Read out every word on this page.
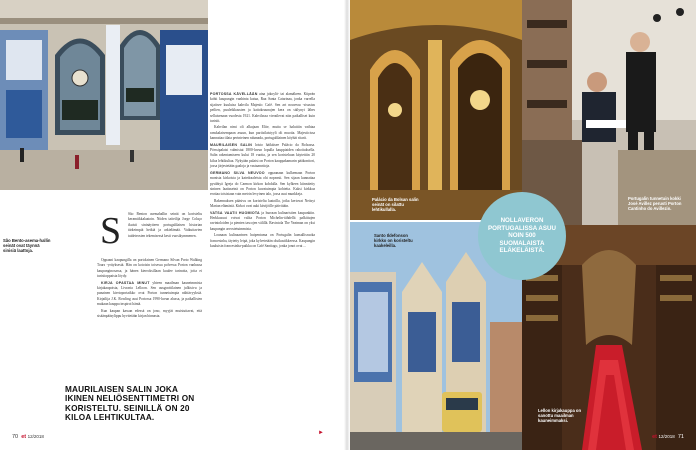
São Bento-asema-hallin seinät ovat täynnä sinisiä laattoja.	S São Benton asemahallin seinät on koristeltu keramiikkalaatoin. Niiden taiteilija Jorge Colaço ikuisti sininäytteen portugalilaisen historian tärkeimpiä hetkiä ja arkielämää. Vaikuttavien taideteosten tekemisessä kesti vuosikymmenen.

Oppaani kaupungilla on portolainen Germano Silvan Porto Walking Tours -yrityksestä. Hän on kotoisin toisessa polvessa Porton vanhassa kaupunginosassa, ja hänen kierroksillaan kuulee tarinoita, joita ei turistioppaista löydy.

KIRJA OPASTAA MINUT yhteen maailman kauneimmista kirjakaupoista, Livraria Lelloon. Sen uusgoottilainen julkisivu ja punainen kiertoportaikko ovat Porton tunnetuimpia nähtävyyksiä. Kirjailija J.K. Rowling asui Portossa 1990-luvun alussa, ja paikallisten mukaan kauppa inspiroi häntä.

Kun kaupan kassan edessä on jono, myyjät muistuttavat, että sisäänpääsylippu hyvitetään kirjan hinnasta.

MAURILAISEN SALIN JOKA IKINEN NELIÖSENTTIMETRI ON KORISTELTU. SEINILLÄ ON 20 KILOA LEHTIKULTAA.

PORTOSSA KÄVELLÄÄN aina jokoylä- tai alamäkeen. Kiipeän kohti kaupungin vanhinta katua, Rua Santa Catarinaa, jonka varrella sijaitsee kuuluisa kahvila Majestic Café. Sen art nouveau -sisustus peilien, puuleikkausten ja kattokruunujen kera on säilynyt lähes sellaisenaan vuodesta 1921. Kahvilassa vierailevat niin paikalliset kuin turistit.

Kahvilan nimi oli alkujaan Elite, mutta se haluttiin vaihtaa ranskalaisempaan asuun, kun pariisilaistyyli oli muotia. Majesticissa kannattaa tilata perinteinen rabanada, portugalilainen köyhät ritarit.

MAURILAISEN SALIN loisto häikäisee Palácio da Bolsassa. Pörssipalatsi valmistui 1800-luvun lopulla kauppiaiden rahoituksella. Salin rakentamiseen kului 18 vuotta, ja sen koristeluun käytettiin 20 kiloa lehtikultaa. Nykyään palatsi on Porton kauppakamarin pääkonttori, jossa järjestetään gaaloja ja vastaanottoja.

GERMANO SILVA NEUVOO oppaanaan kulkemaan Porton monista kirkoista ja katedraaleista ohi nopeasti. Sen sijaan kannattaa pysähtyä Igreja do Carmon kirkon kohdalla. Sen kylkeen kiinnitetty sininen laattaseinä on Porton kuvatuimpia kohteita. Kaksi kirkkoa erottaa toisistaan vain metrin levyinen talo, jossa asui munkkeja.

Rakennuksen pääsivu on koristeltu laatoilla, jotka kertovat Neitsyt Marian elämästä. Kirkot ovat auki kävijöille päivittäin.

VATSA VAATII HUOMIOTA ja hurraan kulinaristien kaupunkiin. Herkkusuut voivat valita Porton Michelin-tähdellä palkittujen ravintoloiden ja pienten tascojen välillä. Ravintola The Yeatman on yksi kaupungin arvostetuimmista.

Lounaan kulinaarinen huipentuma on Portugalin kansallisruoka francesinha, täytetty leipä, joka kylvetetään olutkastikkeessa. Kaupungin kuuluisin francesinha-paikka on Café Santiago, jonka jonot ovat ...

►
70 et 12/2018
Palácio da Bolsan salin seinät on silattu lehtikullalla.
Portugalin tunnetuin kokki José Avillez perusti Porton Cantinho do Avillezin.
Santo Ildefonson kirkko on koristeltu kaakeleilla.
Lellon kirjakauppa on sanottu maailman kauneimmaksi.
NOLLAVERON PORTUGALISSA ASUU NOIN 500 SUOMALAISTA ELÄKELÄISTÄ.
et 12/2018 71
